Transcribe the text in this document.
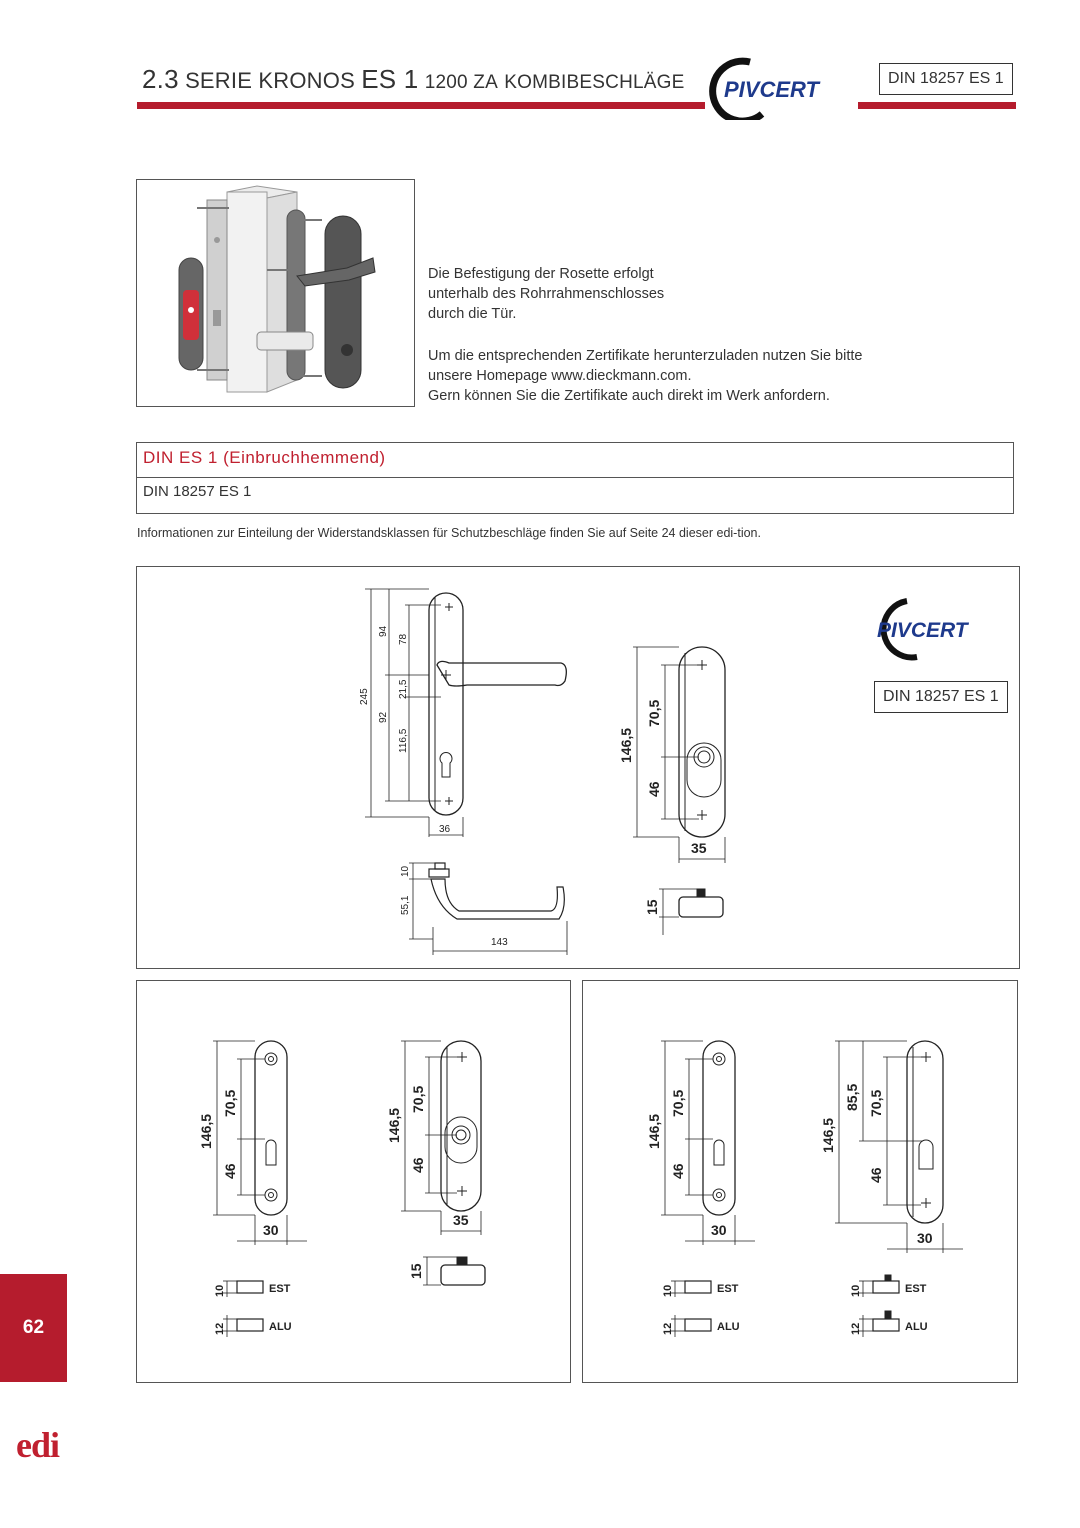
2.3 SERIE KRONOS ES 1 1200 ZA KOMBIBESCHLÄGE PIVCERT	DIN 18257 ES 1
Die Befestigung der Rosette erfolgt
unterhalb des Rohrrahmenschlosses
durch die Tür.
Um die entsprechenden Zertifikate herunterzuladen nutzen Sie bitte
unsere Homepage www.dieckmann.com.
Gern können Sie die Zertifikate auch direkt im Werk anfordern.
DIN ES 1 (Einbruchhemmend)
DIN 18257 ES 1
Informationen zur Einteilung der Widerstandsklassen für Schutzbeschläge finden Sie auf Seite 24 dieser edi-tion.
245
94
78
21,5
92
116,5
36
10
55,1
143
146,5
70,5
46
35
15
PIVCERT
DIN 18257 ES 1
146,5
70,5
46
30
146,5
70,5
46
35
10
12
EST
ALU
15
146,5
70,5
46
30
146,5
85,5 70,5
46
30
10
12
10
12
EST
ALU
EST
ALU
62
edi
